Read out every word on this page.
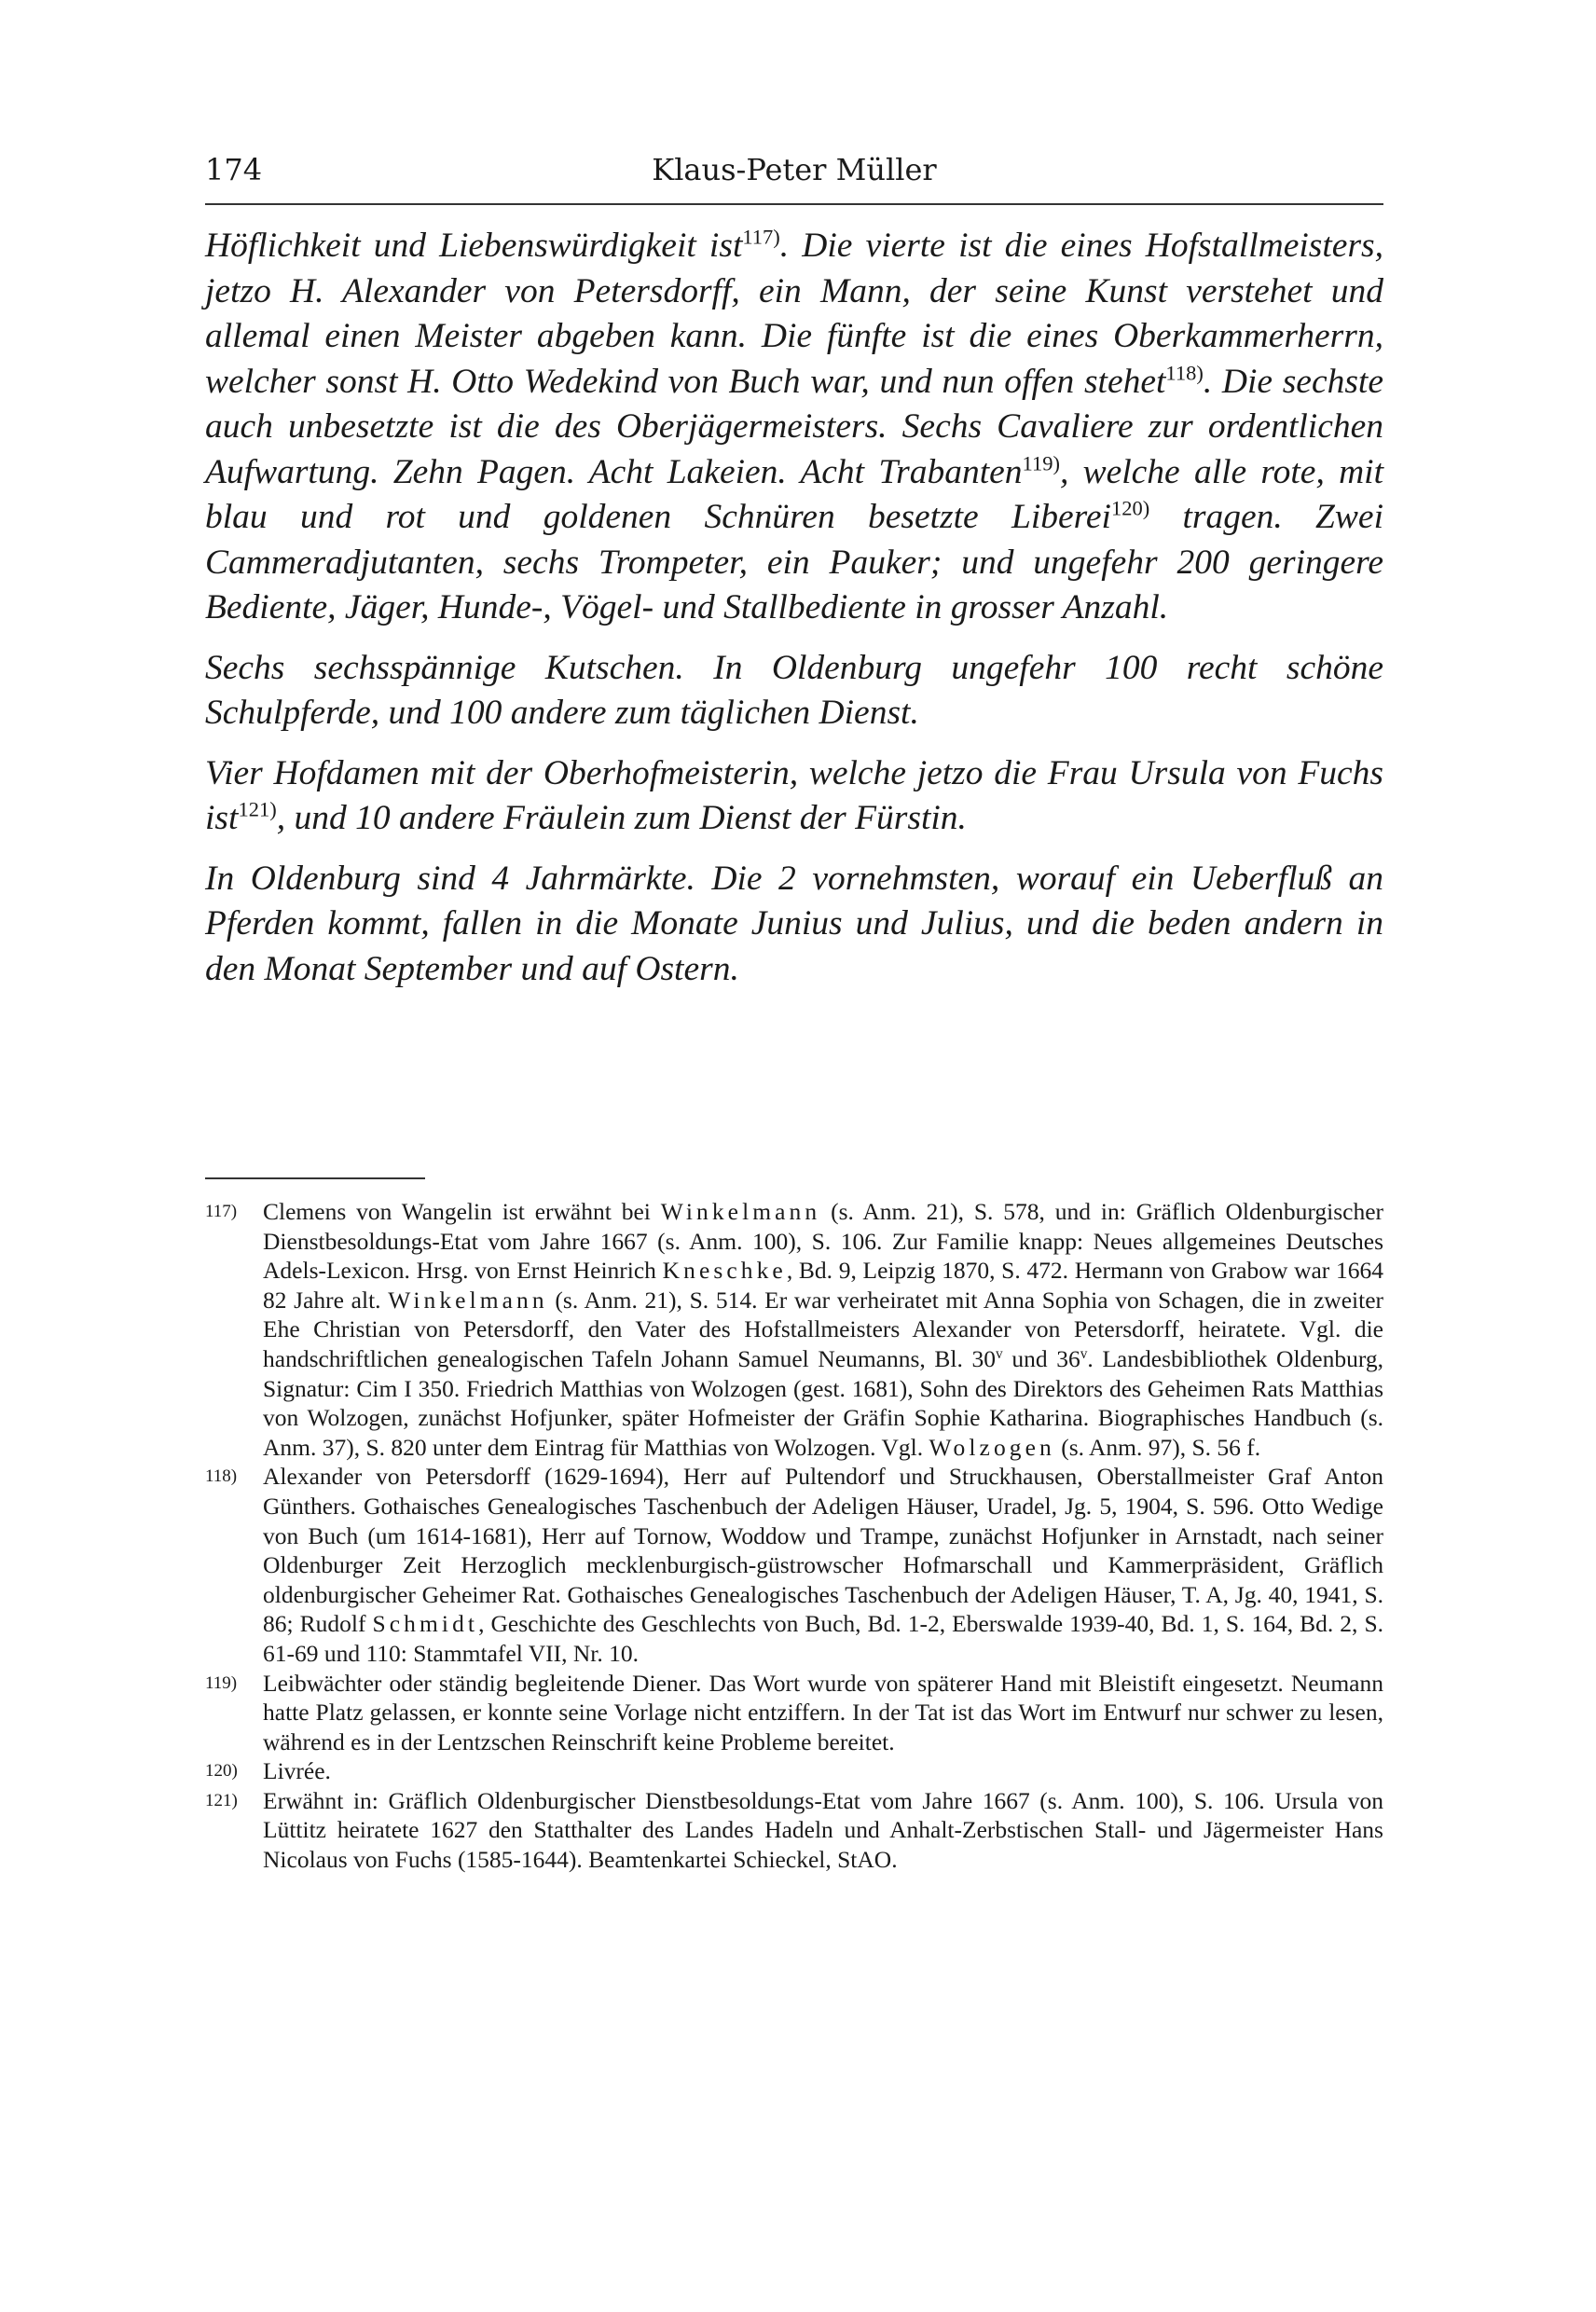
174	Klaus-Peter Müller

Höflichkeit und Liebenswürdigkeit ist$^{117)}$. Die vierte ist die eines Hofstallmeisters, jetzo H. Alexander von Petersdorff, ein Mann, der seine Kunst verstehet und allemal einen Meister abgeben kann. Die fünfte ist die eines Oberkammerherrn, welcher sonst H. Otto Wedekind von Buch war, und nun offen stehet$^{118)}$. Die sechste auch unbesetzte ist die des Oberjägermeisters. Sechs Cavaliere zur ordentlichen Aufwartung. Zehn Pagen. Acht Lakeien. Acht Trabanten$^{119)}$, welche alle rote, mit blau und rot und goldenen Schnüren besetzte Liberei$^{120)}$ tragen. Zwei Cammeradjutanten, sechs Trompeter, ein Pauker; und ungefehr 200 geringere Bediente, Jäger, Hunde-, Vögel- und Stallbediente in grosser Anzahl.

Sechs sechsspännige Kutschen. In Oldenburg ungefehr 100 recht schöne Schulpferde, und 100 andere zum täglichen Dienst.

Vier Hofdamen mit der Oberhofmeisterin, welche jetzo die Frau Ursula von Fuchs ist$^{121)}$, und 10 andere Fräulein zum Dienst der Fürstin.

In Oldenburg sind 4 Jahrmärkte. Die 2 vornehmsten, worauf ein Ueberfluß an Pferden kommt, fallen in die Monate Junius und Julius, und die beden andern in den Monat September und auf Ostern.

117) Clemens von Wangelin ist erwähnt bei Winkelmann (s. Anm. 21), S. 578, und in: Gräflich Oldenburgischer Dienstbesoldungs-Etat vom Jahre 1667 (s. Anm. 100), S. 106. Zur Familie knapp: Neues allgemeines Deutsches Adels-Lexicon. Hrsg. von Ernst Heinrich Kneschke, Bd. 9, Leipzig 1870, S. 472. Hermann von Grabow war 1664 82 Jahre alt. Winkelmann (s. Anm. 21), S. 514. Er war verheiratet mit Anna Sophia von Schagen, die in zweiter Ehe Christian von Petersdorff, den Vater des Hofstallmeisters Alexander von Petersdorff, heiratete. Vgl. die handschriftlichen genealogischen Tafeln Johann Samuel Neumanns, Bl. 30$^v$ und 36$^v$. Landesbibliothek Oldenburg, Signatur: Cim I 350. Friedrich Matthias von Wolzogen (gest. 1681), Sohn des Direktors des Geheimen Rats Matthias von Wolzogen, zunächst Hofjunker, später Hofmeister der Gräfin Sophie Katharina. Biographisches Handbuch (s. Anm. 37), S. 820 unter dem Eintrag für Matthias von Wolzogen. Vgl. Wolzogen (s. Anm. 97), S. 56 f.

118) Alexander von Petersdorff (1629-1694), Herr auf Pultendorf und Struckhausen, Oberstallmeister Graf Anton Günthers. Gothaisches Genealogisches Taschenbuch der Adeligen Häuser, Uradel, Jg. 5, 1904, S. 596. Otto Wedige von Buch (um 1614-1681), Herr auf Tornow, Woddow und Trampe, zunächst Hofjunker in Arnstadt, nach seiner Oldenburger Zeit Herzoglich mecklenburgisch-güstrowscher Hofmarschall und Kammerpräsident, Gräflich oldenburgischer Geheimer Rat. Gothaisches Genealogisches Taschenbuch der Adeligen Häuser, T. A, Jg. 40, 1941, S. 86; Rudolf Schmidt, Geschichte des Geschlechts von Buch, Bd. 1-2, Eberswalde 1939-40, Bd. 1, S. 164, Bd. 2, S. 61-69 und 110: Stammtafel VII, Nr. 10.

119) Leibwächter oder ständig begleitende Diener. Das Wort wurde von späterer Hand mit Bleistift eingesetzt. Neumann hatte Platz gelassen, er konnte seine Vorlage nicht entziffern. In der Tat ist das Wort im Entwurf nur schwer zu lesen, während es in der Lentzschen Reinschrift keine Probleme bereitet.

120) Livrée.

121) Erwähnt in: Gräflich Oldenburgischer Dienstbesoldungs-Etat vom Jahre 1667 (s. Anm. 100), S. 106. Ursula von Lüttitz heiratete 1627 den Statthalter des Landes Hadeln und Anhalt-Zerbstischen Stall- und Jägermeister Hans Nicolaus von Fuchs (1585-1644). Beamtenkartei Schieckel, StAO.
